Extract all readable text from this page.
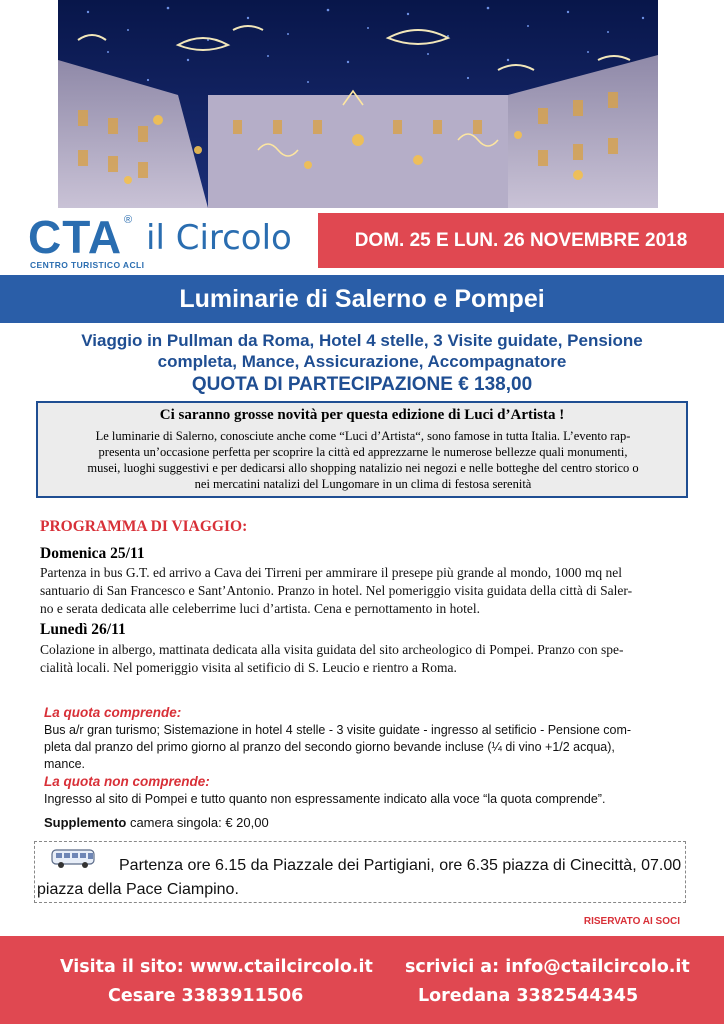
CTA ® il Circolo
CENTRO TURISTICO ACLI
DOM. 25 E LUN. 26 NOVEMBRE 2018
Luminarie di Salerno e Pompei
Viaggio in Pullman da Roma, Hotel 4 stelle, 3 Visite guidate, Pensione
completa, Mance, Assicurazione, Accompagnatore
QUOTA DI PARTECIPAZIONE € 138,00
Ci saranno grosse novità per questa edizione di Luci d’Artista !
Le luminarie di Salerno, conosciute anche come “Luci d’Artista“, sono famose in tutta Italia. L’evento rap-
presenta un’occasione perfetta per scoprire la città ed apprezzarne le numerose bellezze quali monumenti,
musei, luoghi suggestivi e per dedicarsi allo shopping natalizio nei negozi e nelle botteghe del centro storico o
nei mercatini natalizi del Lungomare in un clima di festosa serenità
PROGRAMMA DI VIAGGIO:
Domenica 25/11
Partenza in bus G.T. ed arrivo a Cava dei Tirreni per ammirare il presepe più grande al mondo, 1000 mq nel
santuario di San Francesco e Sant’Antonio. Pranzo in hotel. Nel pomeriggio visita guidata della città di Saler-
no e serata dedicata alle celeberrime luci d’artista. Cena e pernottamento in hotel.
Lunedì 26/11
Colazione in albergo, mattinata dedicata alla visita guidata del sito archeologico di Pompei. Pranzo con spe-
cialità locali. Nel pomeriggio visita al setificio di S. Leucio e rientro a Roma.
La quota comprende:
Bus a/r gran turismo; Sistemazione in hotel 4 stelle - 3 visite guidate - ingresso al setificio - Pensione com-
pleta dal pranzo del primo giorno al pranzo del secondo giorno bevande incluse (¼ di vino +1/2 acqua),
mance.
La quota non comprende:
Ingresso al sito di Pompei e tutto quanto non espressamente indicato alla voce “la quota comprende”.
Supplemento camera singola: € 20,00
Partenza ore 6.15 da Piazzale dei Partigiani, ore 6.35 piazza di Cinecittà, 07.00 piazza della Pace Ciampino.
RISERVATO AI SOCI
Visita il sito: www.ctailcircolo.it scrivici a: info@ctailcircolo.it
Cesare 3383911506	Loredana 3382544345
